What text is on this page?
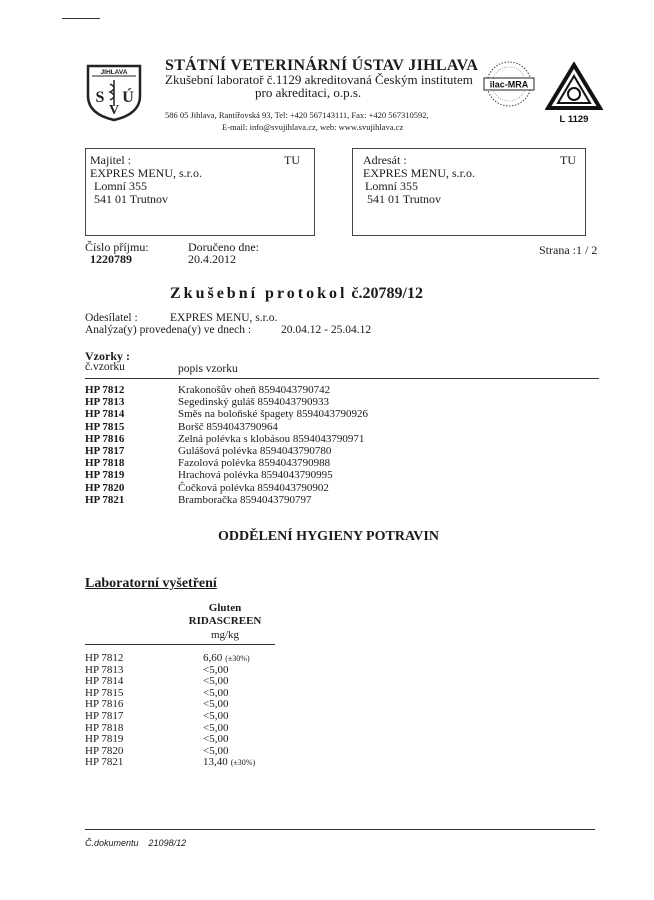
JIHLAVA
S
V
Ú
STÁTNÍ VETERINÁRNÍ ÚSTAV JIHLAVA
Zkušební laboratoř č.1129 akreditovaná Českým institutem
pro akreditaci, o.p.s.
586 05 Jihlava, Rantířovská 93, Tel: +420 567143111, Fax: +420 567310592,
E-mail: info@svujihlava.cz, web: www.svujihlava.cz
ilac-MRA
L 1129
Majitel :	TU
EXPRES MENU, s.r.o.
Lomní 355
541 01 Trutnov
Adresát :	TU
EXPRES MENU, s.r.o.
Lomní 355
541 01 Trutnov
Číslo příjmu:
1220789
Doručeno dne:
20.4.2012
Strana :1 / 2
Zkušební protokol č.20789/12
Odesílatel :	EXPRES MENU, s.r.o.
Analýza(y) provedena(y) ve dnech :	20.04.12 - 25.04.12
Vzorky :
č.vzorku	popis vzorku
HP 7812	Krakonošův oheň 8594043790742
HP 7813	Segedinský guláš 8594043790933
HP 7814	Směs na boloňské špagety 8594043790926
HP 7815	Boršč 8594043790964
HP 7816	Zelná polévka s klobásou 8594043790971
HP 7817	Gulášová polévka 8594043790780
HP 7818	Fazolová polévka 8594043790988
HP 7819	Hrachová polévka 8594043790995
HP 7820	Čočková polévka 8594043790902
HP 7821	Bramboračka 8594043790797
ODDĚLENÍ HYGIENY POTRAVIN
Laboratorní vyšetření
Gluten
RIDASCREEN
mg/kg
HP 7812	6,60 (±30%)
HP 7813	<5,00
HP 7814	<5,00
HP 7815	<5,00
HP 7816	<5,00
HP 7817	<5,00
HP 7818	<5,00
HP 7819	<5,00
HP 7820	<5,00
HP 7821	13,40 (±30%)
Č.dokumentu 21098/12
